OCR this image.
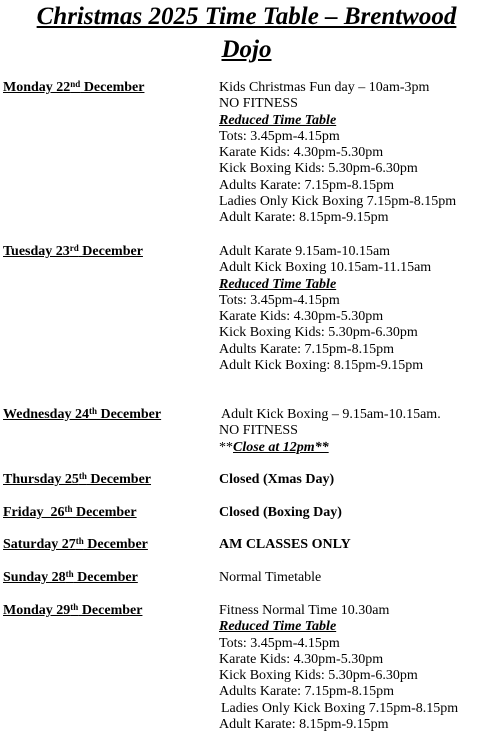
Christmas 2025 Time Table – Brentwood
Dojo
Monday 22nd December	Kids Christmas Fun day – 10am-3pm
NO FITNESS
Reduced Time Table
Tots: 3.45pm-4.15pm
Karate Kids: 4.30pm-5.30pm
Kick Boxing Kids: 5.30pm-6.30pm
Adults Karate: 7.15pm-8.15pm
Ladies Only Kick Boxing 7.15pm-8.15pm
Adult Karate: 8.15pm-9.15pm
Tuesday 23rd December	Adult Karate 9.15am-10.15am
Adult Kick Boxing 10.15am-11.15am
Reduced Time Table
Tots: 3.45pm-4.15pm
Karate Kids: 4.30pm-5.30pm
Kick Boxing Kids: 5.30pm-6.30pm
Adults Karate: 7.15pm-8.15pm
Adult Kick Boxing: 8.15pm-9.15pm
Wednesday 24th December	Adult Kick Boxing – 9.15am-10.15am.
NO FITNESS
**Close at 12pm**
Thursday 25th December	Closed (Xmas Day)
Friday  26th December	Closed (Boxing Day)
Saturday 27th December	AM CLASSES ONLY
Sunday 28th December	Normal Timetable
Monday 29th December	Fitness Normal Time 10.30am
Reduced Time Table
Tots: 3.45pm-4.15pm
Karate Kids: 4.30pm-5.30pm
Kick Boxing Kids: 5.30pm-6.30pm
Adults Karate: 7.15pm-8.15pm
Ladies Only Kick Boxing 7.15pm-8.15pm
Adult Karate: 8.15pm-9.15pm
